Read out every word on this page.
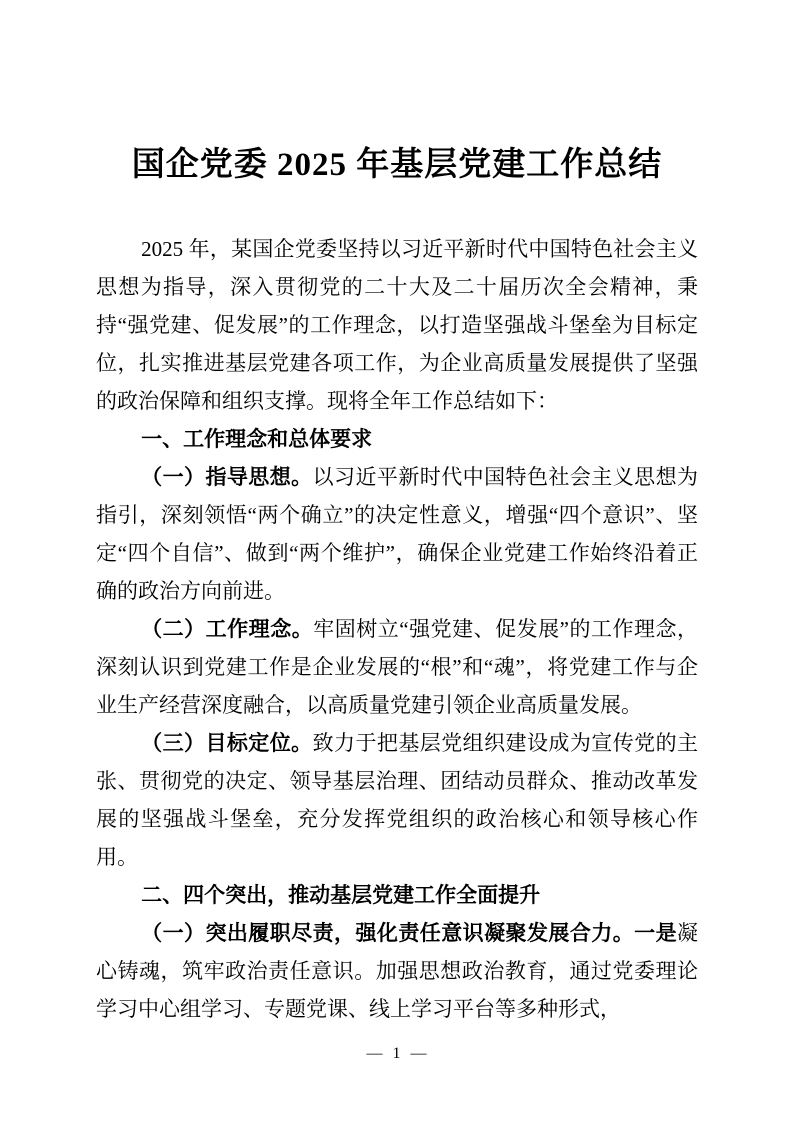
国企党委 2025 年基层党建工作总结

2025 年，某国企党委坚持以习近平新时代中国特色社会主义思想为指导，深入贯彻党的二十大及二十届历次全会精神，秉持“强党建、促发展”的工作理念，以打造坚强战斗堡垒为目标定位，扎实推进基层党建各项工作，为企业高质量发展提供了坚强的政治保障和组织支撑。现将全年工作总结如下：

一、工作理念和总体要求

（一）指导思想。以习近平新时代中国特色社会主义思想为指引，深刻领悟“两个确立”的决定性意义，增强“四个意识”、坚定“四个自信”、做到“两个维护”，确保企业党建工作始终沿着正确的政治方向前进。

（二）工作理念。牢固树立“强党建、促发展”的工作理念，深刻认识到党建工作是企业发展的“根”和“魂”，将党建工作与企业生产经营深度融合，以高质量党建引领企业高质量发展。

（三）目标定位。致力于把基层党组织建设成为宣传党的主张、贯彻党的决定、领导基层治理、团结动员群众、推动改革发展的坚强战斗堡垒，充分发挥党组织的政治核心和领导核心作用。

二、四个突出，推动基层党建工作全面提升

（一）突出履职尽责，强化责任意识凝聚发展合力。一是凝心铸魂，筑牢政治责任意识。加强思想政治教育，通过党委理论学习中心组学习、专题党课、线上学习平台等多种形式，

— 1 —
